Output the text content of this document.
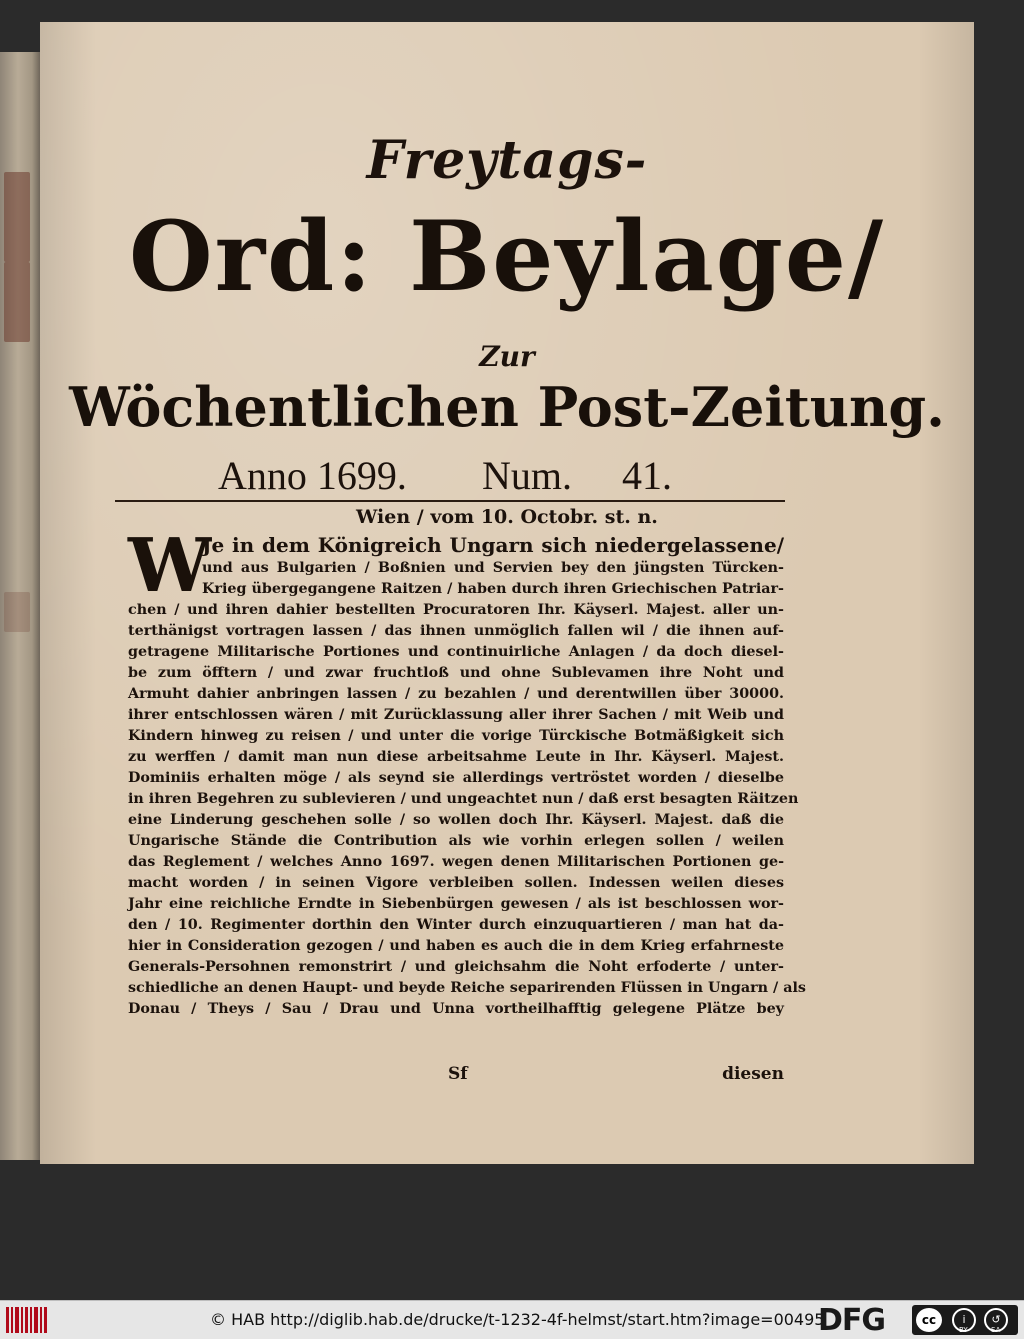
Freytags-
Ord: Beylage/
Zur
Wöchentlichen Post-Zeitung.
Anno 1699. Num. 41.
Wien / vom 10. Octobr. st. n.
W
Je in dem Königreich Ungarn sich niedergelassene/
und aus Bulgarien / Boßnien und Servien bey den jüngsten Türcken-
Krieg übergegangene Raitzen / haben durch ihren Griechischen Patriar-
chen / und ihren dahier bestellten Procuratoren Ihr. Käyserl. Majest. aller un-
terthänigst vortragen lassen / das ihnen unmöglich fallen wil / die ihnen auf-
getragene Militarische Portiones und continuirliche Anlagen / da doch diesel-
be zum öfftern / und zwar fruchtloß und ohne Sublevamen ihre Noht und
Armuht dahier anbringen lassen / zu bezahlen / und derentwillen über 30000.
ihrer entschlossen wären / mit Zurücklassung aller ihrer Sachen / mit Weib und
Kindern hinweg zu reisen / und unter die vorige Türckische Botmäßigkeit sich
zu werffen / damit man nun diese arbeitsahme Leute in Ihr. Käyserl. Majest.
Dominiis erhalten möge / als seynd sie allerdings vertröstet worden / dieselbe
in ihren Begehren zu sublevieren / und ungeachtet nun / daß erst besagten Räitzen
eine Linderung geschehen solle / so wollen doch Ihr. Käyserl. Majest. daß die
Ungarische Stände die Contribution als wie vorhin erlegen sollen / weilen
das Reglement / welches Anno 1697. wegen denen Militarischen Portionen ge-
macht worden / in seinen Vigore verbleiben sollen. Indessen weilen dieses
Jahr eine reichliche Erndte in Siebenbürgen gewesen / als ist beschlossen wor-
den / 10. Regimenter dorthin den Winter durch einzuquartieren / man hat da-
hier in Consideration gezogen / und haben es auch die in dem Krieg erfahrneste
Generals-Persohnen remonstrirt / und gleichsahm die Noht erfoderte / unter-
schiedliche an denen Haupt- und beyde Reiche separirenden Flüssen in Ungarn / als
Donau / Theys / Sau / Drau und Unna vortheilhafftig gelegene Plätze bey
Sf	diesen
© HAB http://diglib.hab.de/drucke/t-1232-4f-helmst/start.htm?image=00495
DFG	cc	i	↺
BY	SA
